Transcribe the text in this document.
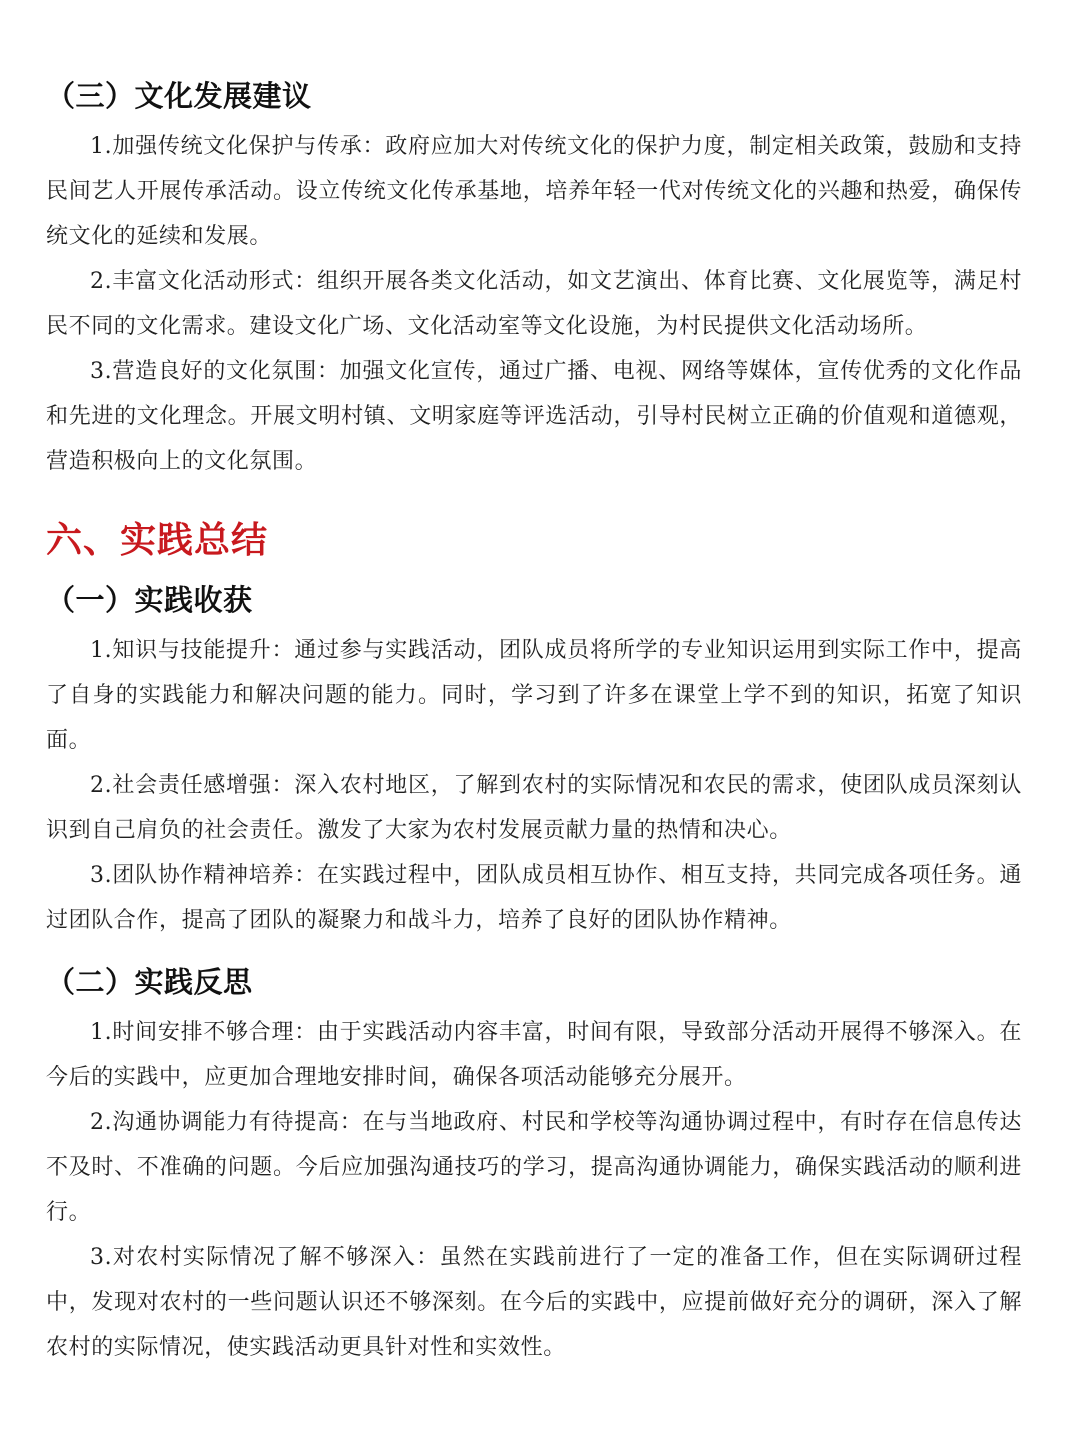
（三）文化发展建议

1.加强传统文化保护与传承：政府应加大对传统文化的保护力度，制定相关政策，鼓励和支持民间艺人开展传承活动。设立传统文化传承基地，培养年轻一代对传统文化的兴趣和热爱，确保传统文化的延续和发展。

2.丰富文化活动形式：组织开展各类文化活动，如文艺演出、体育比赛、文化展览等，满足村民不同的文化需求。建设文化广场、文化活动室等文化设施，为村民提供文化活动场所。

3.营造良好的文化氛围：加强文化宣传，通过广播、电视、网络等媒体，宣传优秀的文化作品和先进的文化理念。开展文明村镇、文明家庭等评选活动，引导村民树立正确的价值观和道德观，营造积极向上的文化氛围。

六、实践总结
（一）实践收获

1.知识与技能提升：通过参与实践活动，团队成员将所学的专业知识运用到实际工作中，提高了自身的实践能力和解决问题的能力。同时，学习到了许多在课堂上学不到的知识，拓宽了知识面。

2.社会责任感增强：深入农村地区，了解到农村的实际情况和农民的需求，使团队成员深刻认识到自己肩负的社会责任。激发了大家为农村发展贡献力量的热情和决心。

3.团队协作精神培养：在实践过程中，团队成员相互协作、相互支持，共同完成各项任务。通过团队合作，提高了团队的凝聚力和战斗力，培养了良好的团队协作精神。

（二）实践反思

1.时间安排不够合理：由于实践活动内容丰富，时间有限，导致部分活动开展得不够深入。在今后的实践中，应更加合理地安排时间，确保各项活动能够充分展开。

2.沟通协调能力有待提高：在与当地政府、村民和学校等沟通协调过程中，有时存在信息传达不及时、不准确的问题。今后应加强沟通技巧的学习，提高沟通协调能力，确保实践活动的顺利进行。

3.对农村实际情况了解不够深入：虽然在实践前进行了一定的准备工作，但在实际调研过程中，发现对农村的一些问题认识还不够深刻。在今后的实践中，应提前做好充分的调研，深入了解农村的实际情况，使实践活动更具针对性和实效性。
